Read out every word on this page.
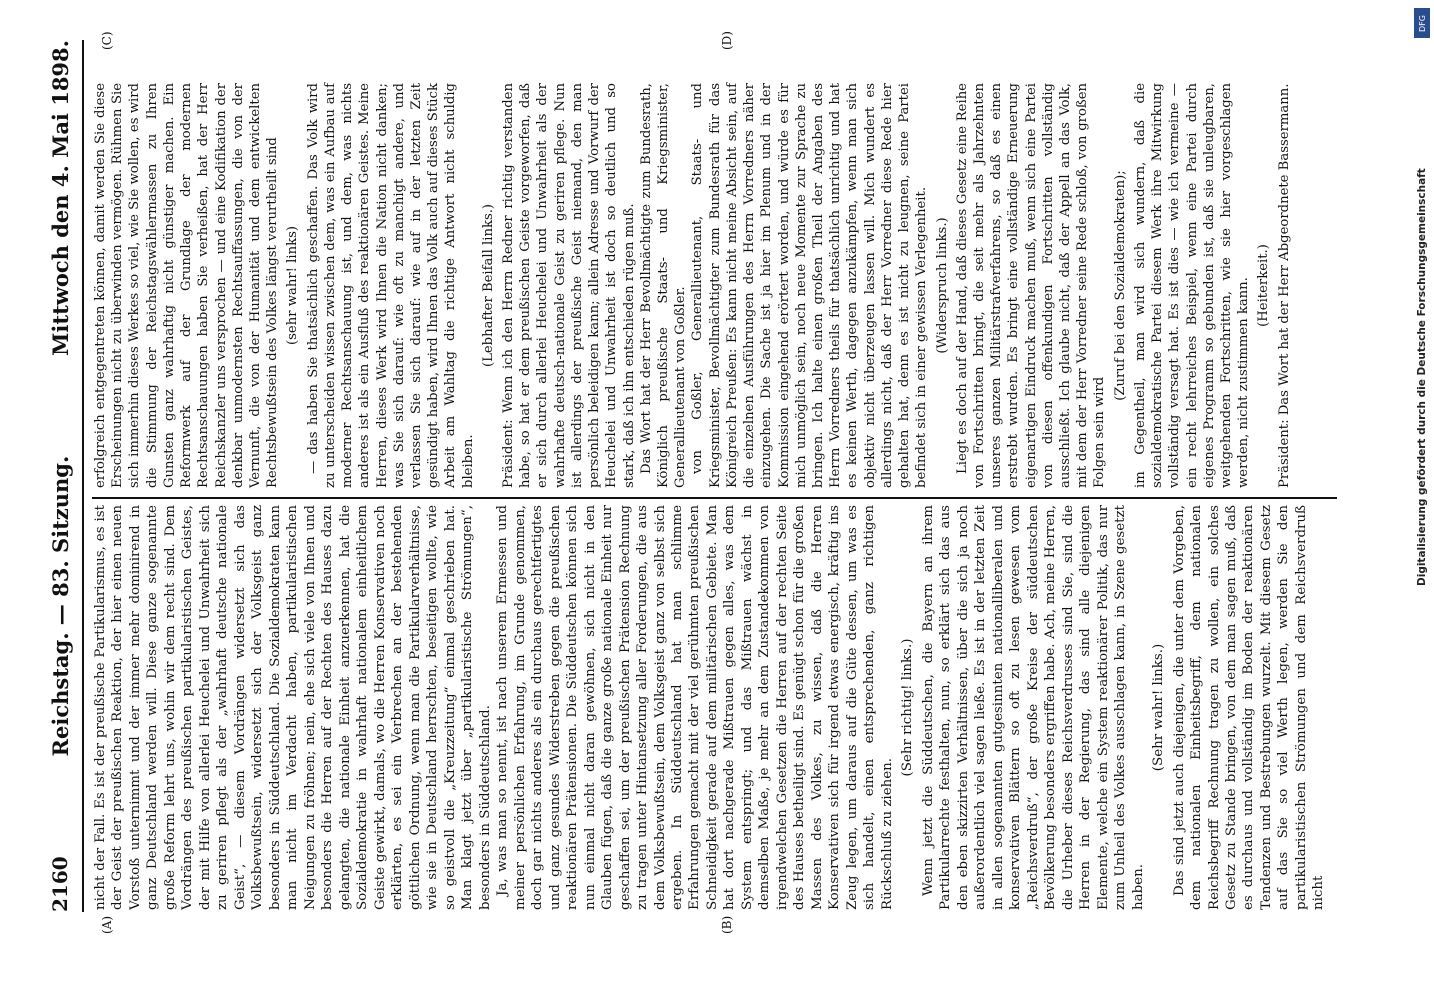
2160
Reichstag. — 83. Sitzung.
Mittwoch den 4. Mai 1898.
(A)	(B)
(C)	(D)

nicht der Fall. Es ist der preußische Partikularismus, es ist der Geist der preußischen Reaktion, der hier einen neuen Vorstoß unternimmt und der immer mehr dominirend in ganz Deutschland werden will. Diese ganze sogenannte große Reform lehrt uns, wohin wir dem recht sind. Dem Vordrängen des preußischen partikularistischen Geistes, der mit Hilfe von allerlei Heuchelei und Unwahrheit sich zu geriren pflegt als der „wahrhaft deutsche nationale Geist“, — diesem Vordrängen widersetzt sich das Volksbewußtsein, widersetzt sich der Volksgeist ganz besonders in Süddeutschland. Die Sozialdemokraten kann man nicht im Verdacht haben, partikularistischen Neigungen zu fröhnen; nein, ehe sich viele von Ihnen und besonders die Herren auf der Rechten des Hauses dazu gelangten, die nationale Einheit anzuerkennen, hat die Sozialdemokratie in wahrhaft nationalem einheitlichem Geiste gewirkt, damals, wo die Herren Konservativen noch erklärten, es sei ein Verbrechen an der bestehenden göttlichen Ordnung, wenn man die Partikularverhältnisse, wie sie in Deutschland herrschten, beseitigen wollte, wie so geistvoll die „Kreuzzeitung“ einmal geschrieben hat. Man klagt jetzt über „partikularistische Strömungen“, besonders in Süddeutschland. Ja, was man so nennt, ist nach unserem Ermessen und meiner persönlichen Erfahrung, im Grunde genommen, doch gar nichts anderes als ein durchaus gerechtfertigtes und ganz gesundes Widerstreben gegen die preußischen reaktionären Prätensionen. Die Süddeutschen können sich nun einmal nicht daran gewöhnen, sich nicht in den Glauben fügen, daß die ganze große nationale Einheit nur geschaffen sei, um der preußischen Prätension Rechnung zu tragen unter Hintansetzung aller Forderungen, die aus dem Volksbewußtsein, dem Volksgeist ganz von selbst sich ergeben. In Süddeutschland hat man schlimme Erfahrungen gemacht mit der viel gerühmten preußischen Schneidigkeit gerade auf dem militärischen Gebiete. Man hat dort nachgerade Mißtrauen gegen alles, was dem System entspringt; und das Mißtrauen wächst in demselben Maße, je mehr an dem Zustandekommen von irgendwelchen Gesetzen die Herren auf der rechten Seite des Hauses betheiligt sind. Es genügt schon für die großen Massen des Volkes, zu wissen, daß die Herren Konservativen sich für irgend etwas energisch, kräftig ins Zeug legen, um daraus auf die Güte dessen, um was es sich handelt, einen entsprechenden, ganz richtigen Rückschluß zu ziehen.

(Sehr richtig! links.) Wenn jetzt die Süddeutschen, die Bayern an ihrem Partikularrechte festhalten, nun, so erklärt sich das aus den eben skizzirten Verhältnissen, über die sich ja noch außerordentlich viel sagen ließe. Es ist in der letzten Zeit in allen sogenannten gutgesinnten nationalliberalen und konservativen Blättern so oft zu lesen gewesen vom „Reichsverdruß“, der große Kreise der süddeutschen Bevölkerung besonders ergriffen habe. Ach, meine Herren, die Urheber dieses Reichsverdrusses sind Sie, sind die Herren in der Regierung, das sind alle diejenigen Elemente, welche ein System reaktionärer Politik, das nur zum Unheil des Volkes ausschlagen kann, in Szene gesetzt haben.

(Sehr wahr! links.) Das sind jetzt auch diejenigen, die unter dem Vorgeben, dem nationalen Einheitsbegriff, dem nationalen Reichsbegriff Rechnung tragen zu wollen, ein solches Gesetz zu Stande bringen, von dem man sagen muß, daß es durchaus und vollständig im Boden der reaktionären Tendenzen und Bestrebungen wurzelt. Mit diesem Gesetz auf das Sie so viel Werth legen, werden Sie den partikularistischen Strömungen und dem Reichsverdruß nicht

erfolgreich entgegentreten können, damit werden Sie diese Erscheinungen nicht zu überwinden vermögen. Rühmen Sie sich immerhin dieses Werkes so viel, wie Sie wollen, es wird die Stimmung der Reichstagswählermassen zu Ihren Gunsten ganz wahrhaftig nicht günstiger machen. Ein Reformwerk auf der Grundlage der modernen Rechtsanschauungen haben Sie verheißen, hat der Herr Reichskanzler uns versprochen — und eine Kodifikation der denkbar unmodernsten Rechtsauffassungen, die von der Vernunft, die von der Humanität und dem entwickelten Rechtsbewußtsein des Volkes längst verurtheilt sind (sehr wahr! links) — das haben Sie thatsächlich geschaffen. Das Volk wird zu unterscheiden wissen zwischen dem, was ein Aufbau auf moderner Rechtsanschauung ist, und dem, was nichts anderes ist als ein Ausfluß des reaktionären Geistes. Meine Herren, dieses Werk wird Ihnen die Nation nicht danken; was Sie sich darauf: wie oft zu manchigt andere, und verlassen Sie sich darauf: wie auf in der letzten Zeit gesündigt haben, wird Ihnen das Volk auch auf dieses Stück Arbeit am Wahltag die richtige Antwort nicht schuldig bleiben.

(Lebhafter Beifall links.) Präsident: Wenn ich den Herrn Redner richtig verstanden habe, so hat er dem preußischen Geiste vorgeworfen, daß er sich durch allerlei Heuchelei und Unwahrheit als der wahrhafte deutsch-nationale Geist zu geriren pflege. Nun ist allerdings der preußische Geist niemand, den man persönlich beleidigen kann; allein Adresse und Vorwurf der Heuchelei und Unwahrheit ist doch so deutlich und so stark, daß ich ihn entschieden rügen muß. Das Wort hat der Herr Bevollmächtigte zum Bundesrath, Königlich preußische Staats- und Kriegsminister, Generallieutenant von Goßler. von Goßler, Generallieutenant, Staats- und Kriegsminister, Bevollmächtigter zum Bundesrath für das Königreich Preußen: Es kann nicht meine Absicht sein, auf die einzelnen Ausführungen des Herrn Vorredners näher einzugehen. Die Sache ist ja hier im Plenum und in der Kommission eingehend erörtert worden, und würde es für mich unmöglich sein, noch neue Momente zur Sprache zu bringen. Ich halte einen großen Theil der Angaben des Herrn Vorredners theils für thatsächlich unrichtig und hat es keinen Werth, dagegen anzukämpfen, wenn man sich objektiv nicht überzeugen lassen will. Mich wundert es allerdings nicht, daß der Herr Vorredner diese Rede hier gehalten hat, denn es ist nicht zu leugnen, seine Partei befindet sich in einer gewissen Verlegenheit. (Widerspruch links.) Liegt es doch auf der Hand, daß dieses Gesetz eine Reihe von Fortschritten bringt, die seit mehr als Jahrzehnten unseres ganzen Militärstrafverfahrens, so daß es einen erstrebt wurden. Es bringt eine vollständige Erneuerung eigenartigen Eindruck machen muß, wenn sich eine Partei von diesen offenkundigen Fortschritten vollständig ausschließt. Ich glaube nicht, daß der Appell an das Volk, mit dem der Herr Vorredner seine Rede schloß, von großen Folgen sein wird

(Zuruf bei den Sozialdemokraten); im Gegentheil, man wird sich wundern, daß die sozialdemokratische Partei diesem Werk ihre Mitwirkung vollständig versagt hat. Es ist dies — wie ich vermeine — ein recht lehrreiches Beispiel, wenn eine Partei durch eigenes Programm so gebunden ist, daß sie unleugbaren, weitgehenden Fortschritten, wie sie hier vorgeschlagen werden, nicht zustimmen kann. (Heiterkeit.) Präsident: Das Wort hat der Herr Abgeordnete Bassermann.	Digitalisierung gefördert durch die Deutsche Forschungsgemeinschaft
DFG
